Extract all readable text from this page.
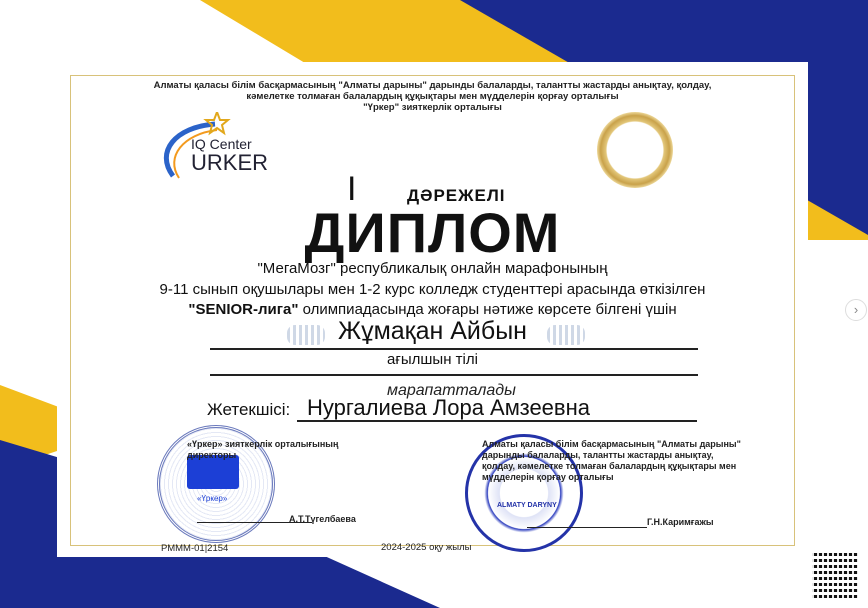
Алматы қаласы білім басқармасының "Алматы дарыны" дарынды балаларды, талантты жастарды анықтау, қолдау,
кәмелетке толмаған балалардың құқықтары мен мүдделерін қорғау орталығы
"Үркер" зияткерлік орталығы
IQ Center
URKER
I	ДӘРЕЖЕЛІ
ДИПЛОМ
"МегаМозг" республикалық онлайн марафонының
9-11 сынып оқушылары мен 1-2 курс колледж студенттері арасында өткізілген
"SENIOR-лига" олимпиадасында жоғары нәтиже көрсете білгені үшін
Жұмақан Айбын
ағылшын тілі
марапатталады
Жетекшісі: Нургалиева Лора Амзеевна
«Үркер»
«Үркер» зияткерлік орталығының директоры
А.Т.Түгелбаева
ALMATY DARYNY
Алматы қаласы білім басқармасының "Алматы дарыны" дарынды балаларды, талантты жастарды анықтау, қолдау, кәмелетке толмаған балалардың құқықтары мен мүдделерін қорғау орталығы
Г.Н.Каримғажы
РМММ-01|2154	2024-2025 оқу жылы
›
